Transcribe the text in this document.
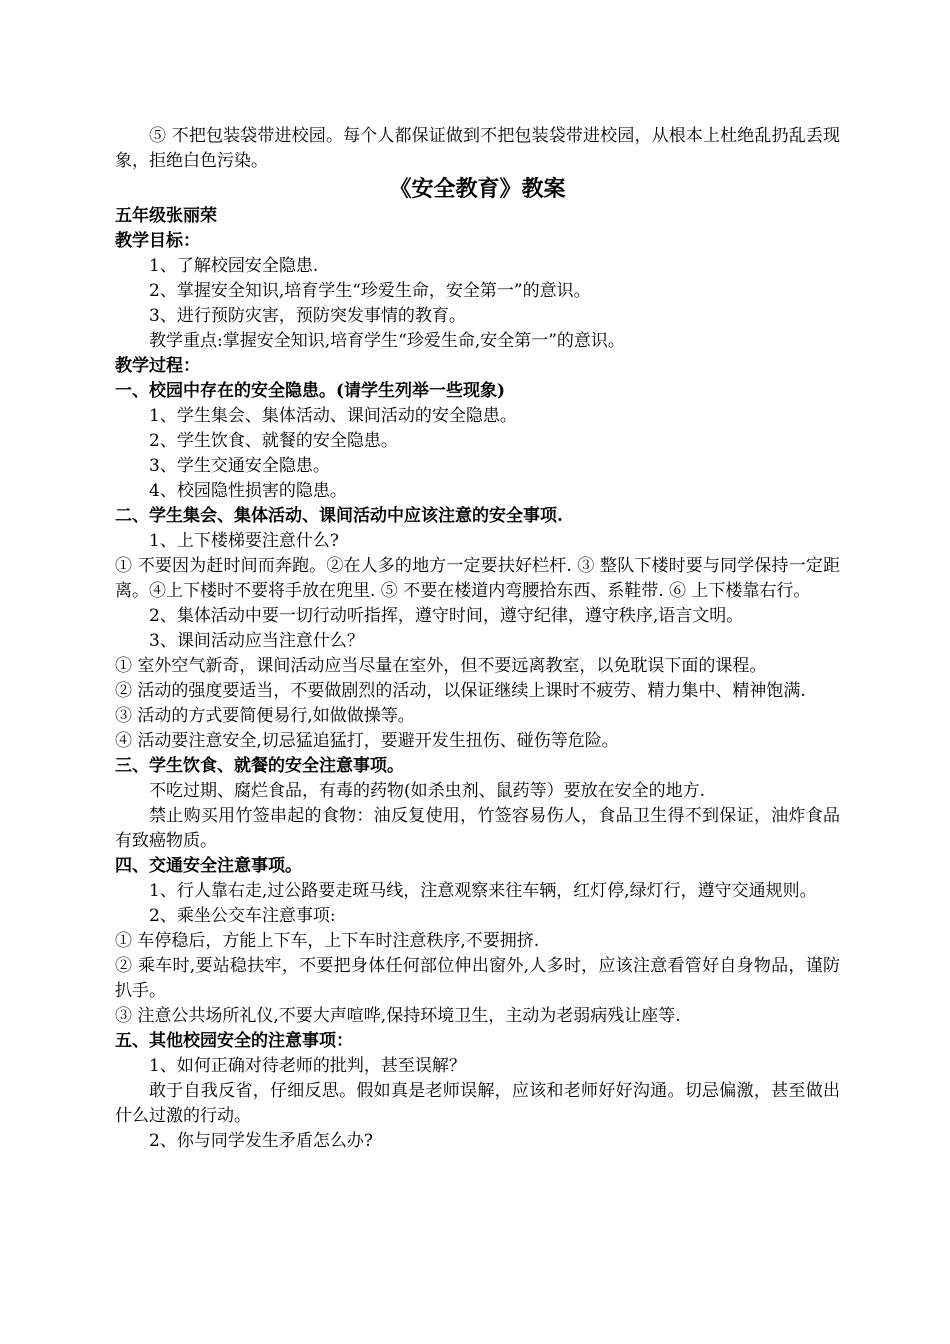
⑤ 不把包装袋带进校园。每个人都保证做到不把包装袋带进校园，从根本上杜绝乱扔乱丢现象，拒绝白色污染。

《安全教育》教案

五年级张丽荣

教学目标：

1、了解校园安全隐患.

2、掌握安全知识,培育学生“珍爱生命，安全第一”的意识。

3、进行预防灾害，预防突发事情的教育。

教学重点:掌握安全知识,培育学生“珍爱生命,安全第一”的意识。

教学过程：

一、校园中存在的安全隐患。(请学生列举一些现象)

1、学生集会、集体活动、课间活动的安全隐患。

2、学生饮食、就餐的安全隐患。

3、学生交通安全隐患。

4、校园隐性损害的隐患。

二、学生集会、集体活动、课间活动中应该注意的安全事项.

1、上下楼梯要注意什么?

① 不要因为赶时间而奔跑。②在人多的地方一定要扶好栏杆. ③ 整队下楼时要与同学保持一定距离。④上下楼时不要将手放在兜里. ⑤ 不要在楼道内弯腰拾东西、系鞋带. ⑥ 上下楼靠右行。

2、集体活动中要一切行动听指挥，遵守时间，遵守纪律，遵守秩序,语言文明。

3、课间活动应当注意什么？

① 室外空气新奇，课间活动应当尽量在室外，但不要远离教室，以免耽误下面的课程。

② 活动的强度要适当，不要做剧烈的活动，以保证继续上课时不疲劳、精力集中、精神饱满.

③ 活动的方式要简便易行,如做做操等。

④ 活动要注意安全,切忌猛追猛打，要避开发生扭伤、碰伤等危险。

三、学生饮食、就餐的安全注意事项。

不吃过期、腐烂食品，有毒的药物(如杀虫剂、鼠药等）要放在安全的地方.

禁止购买用竹签串起的食物：油反复使用，竹签容易伤人，食品卫生得不到保证，油炸食品有致癌物质。

四、交通安全注意事项。

1、行人靠右走,过公路要走斑马线，注意观察来往车辆，红灯停,绿灯行，遵守交通规则。

2、乘坐公交车注意事项:

① 车停稳后，方能上下车，上下车时注意秩序,不要拥挤.

② 乘车时,要站稳扶牢，不要把身体任何部位伸出窗外,人多时，应该注意看管好自身物品，谨防扒手。

③ 注意公共场所礼仪,不要大声喧哗,保持环境卫生，主动为老弱病残让座等.

五、其他校园安全的注意事项：

1、如何正确对待老师的批判，甚至误解？

敢于自我反省，仔细反思。假如真是老师误解，应该和老师好好沟通。切忌偏激，甚至做出什么过激的行动。

2、你与同学发生矛盾怎么办?
